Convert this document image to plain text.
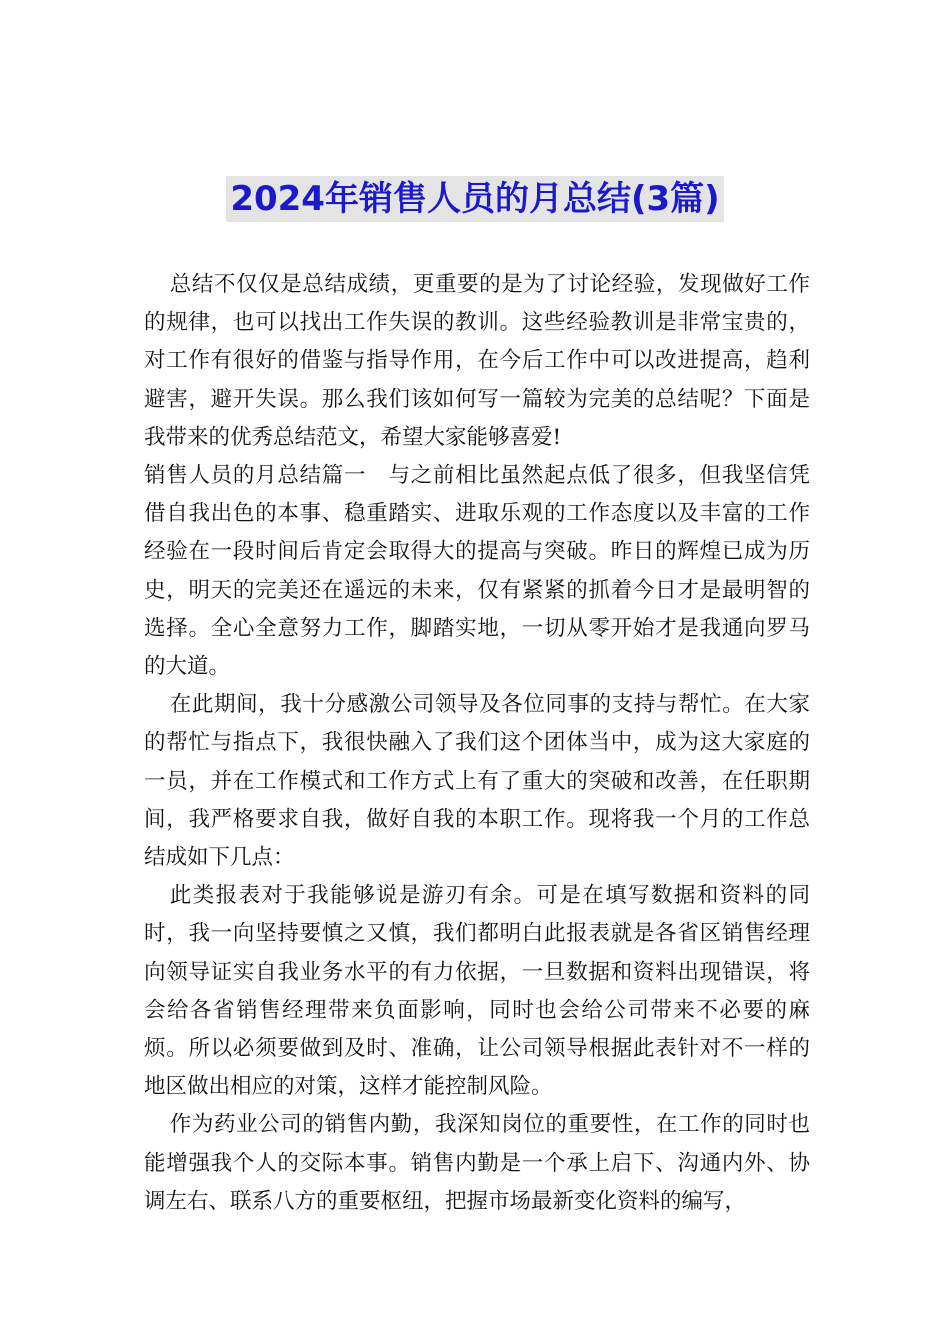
2024年销售人员的月总结(3篇)

总结不仅仅是总结成绩，更重要的是为了讨论经验，发现做好工作的规律，也可以找出工作失误的教训。这些经验教训是非常宝贵的，对工作有很好的借鉴与指导作用，在今后工作中可以改进提高，趋利避害，避开失误。那么我们该如何写一篇较为完美的总结呢？下面是我带来的优秀总结范文，希望大家能够喜爱!

销售人员的月总结篇一　与之前相比虽然起点低了很多，但我坚信凭借自我出色的本事、稳重踏实、进取乐观的工作态度以及丰富的工作经验在一段时间后肯定会取得大的提高与突破。昨日的辉煌已成为历史，明天的完美还在遥远的未来，仅有紧紧的抓着今日才是最明智的选择。全心全意努力工作，脚踏实地，一切从零开始才是我通向罗马的大道。

在此期间，我十分感激公司领导及各位同事的支持与帮忙。在大家的帮忙与指点下，我很快融入了我们这个团体当中，成为这大家庭的一员，并在工作模式和工作方式上有了重大的突破和改善，在任职期间，我严格要求自我，做好自我的本职工作。现将我一个月的工作总结成如下几点：

此类报表对于我能够说是游刃有余。可是在填写数据和资料的同时，我一向坚持要慎之又慎，我们都明白此报表就是各省区销售经理向领导证实自我业务水平的有力依据，一旦数据和资料出现错误，将会给各省销售经理带来负面影响，同时也会给公司带来不必要的麻烦。所以必须要做到及时、准确，让公司领导根据此表针对不一样的地区做出相应的对策，这样才能控制风险。

作为药业公司的销售内勤，我深知岗位的重要性，在工作的同时也能增强我个人的交际本事。销售内勤是一个承上启下、沟通内外、协调左右、联系八方的重要枢纽，把握市场最新变化资料的编写，
